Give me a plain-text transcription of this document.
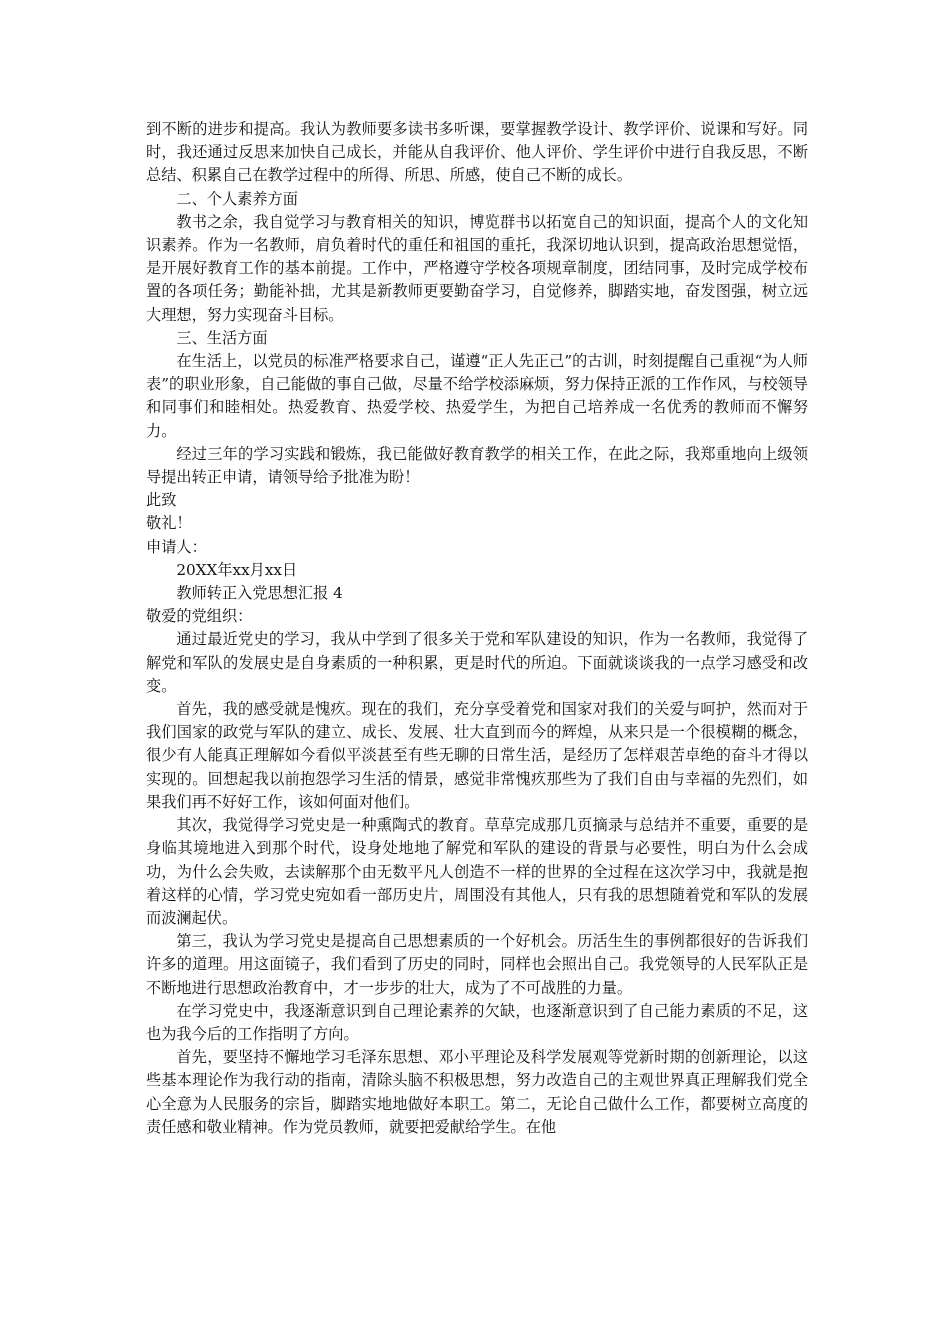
到不断的进步和提高。我认为教师要多读书多听课，要掌握教学设计、教学评价、说课和写好。同时，我还通过反思来加快自己成长，并能从自我评价、他人评价、学生评价中进行自我反思，不断总结、积累自己在教学过程中的所得、所思、所感，使自己不断的成长。

二、个人素养方面

教书之余，我自觉学习与教育相关的知识，博览群书以拓宽自己的知识面，提高个人的文化知识素养。作为一名教师，肩负着时代的重任和祖国的重托，我深切地认识到，提高政治思想觉悟，是开展好教育工作的基本前提。工作中，严格遵守学校各项规章制度，团结同事，及时完成学校布置的各项任务；勤能补拙，尤其是新教师更要勤奋学习，自觉修养，脚踏实地，奋发图强，树立远大理想，努力实现奋斗目标。

三、生活方面

在生活上，以党员的标准严格要求自己，谨遵“正人先正己”的古训，时刻提醒自己重视“为人师表”的职业形象，自己能做的事自己做，尽量不给学校添麻烦，努力保持正派的工作作风，与校领导和同事们和睦相处。热爱教育、热爱学校、热爱学生，为把自己培养成一名优秀的教师而不懈努力。

经过三年的学习实践和锻炼，我已能做好教育教学的相关工作，在此之际，我郑重地向上级领导提出转正申请，请领导给予批准为盼！

此致

敬礼！

申请人：

20XX年xx月xx日

教师转正入党思想汇报 4

敬爱的党组织：

通过最近党史的学习，我从中学到了很多关于党和军队建设的知识，作为一名教师，我觉得了解党和军队的发展史是自身素质的一种积累，更是时代的所迫。下面就谈谈我的一点学习感受和改变。

首先，我的感受就是愧疚。现在的我们，充分享受着党和国家对我们的关爱与呵护，然而对于我们国家的政党与军队的建立、成长、发展、壮大直到而今的辉煌，从来只是一个很模糊的概念，很少有人能真正理解如今看似平淡甚至有些无聊的日常生活，是经历了怎样艰苦卓绝的奋斗才得以实现的。回想起我以前抱怨学习生活的情景，感觉非常愧疚那些为了我们自由与幸福的先烈们，如果我们再不好好工作，该如何面对他们。

其次，我觉得学习党史是一种熏陶式的教育。草草完成那几页摘录与总结并不重要，重要的是身临其境地进入到那个时代，设身处地地了解党和军队的建设的背景与必要性，明白为什么会成功，为什么会失败，去读解那个由无数平凡人创造不一样的世界的全过程在这次学习中，我就是抱着这样的心情，学习党史宛如看一部历史片，周围没有其他人，只有我的思想随着党和军队的发展而波澜起伏。

第三，我认为学习党史是提高自己思想素质的一个好机会。历活生生的事例都很好的告诉我们许多的道理。用这面镜子，我们看到了历史的同时，同样也会照出自己。我党领导的人民军队正是不断地进行思想政治教育中，才一步步的壮大，成为了不可战胜的力量。

在学习党史中，我逐渐意识到自己理论素养的欠缺，也逐渐意识到了自己能力素质的不足，这也为我今后的工作指明了方向。

首先，要坚持不懈地学习毛泽东思想、邓小平理论及科学发展观等党新时期的创新理论，以这些基本理论作为我行动的指南，清除头脑不积极思想，努力改造自己的主观世界真正理解我们党全心全意为人民服务的宗旨，脚踏实地地做好本职工。第二，无论自己做什么工作，都要树立高度的责任感和敬业精神。作为党员教师，就要把爱献给学生。在他
